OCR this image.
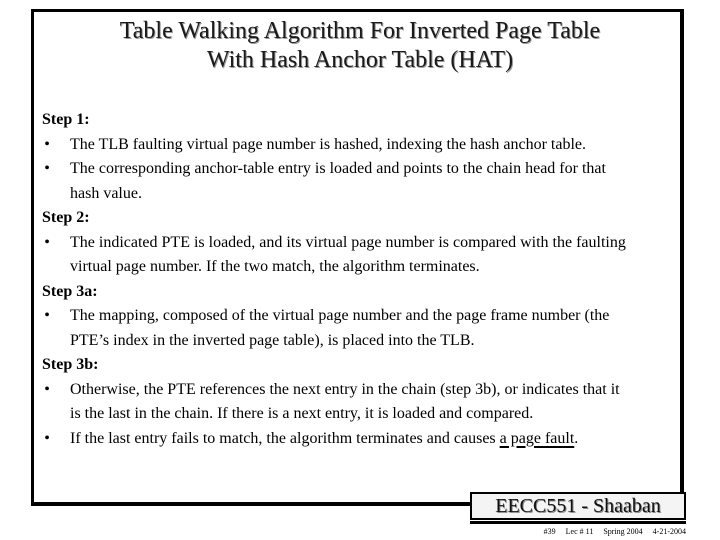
Table Walking Algorithm For Inverted Page Table
With Hash Anchor Table (HAT)
Step 1:
• The TLB faulting virtual page number is hashed, indexing the hash anchor table.
• The corresponding anchor-table entry is loaded and points to the chain head for that
hash value.
Step 2:
• The indicated PTE is loaded, and its virtual page number is compared with the faulting
virtual page number. If the two match, the algorithm terminates.
Step 3a:
• The mapping, composed of the virtual page number and the page frame number (the
PTE’s index in the inverted page table), is placed into the TLB.
Step 3b:
• Otherwise, the PTE references the next entry in the chain (step 3b), or indicates that it
is the last in the chain. If there is a next entry, it is loaded and compared.
• If the last entry fails to match, the algorithm terminates and causes a page fault.
EECC551 - Shaaban
#39 Lec # 11 Spring 2004 4-21-2004
